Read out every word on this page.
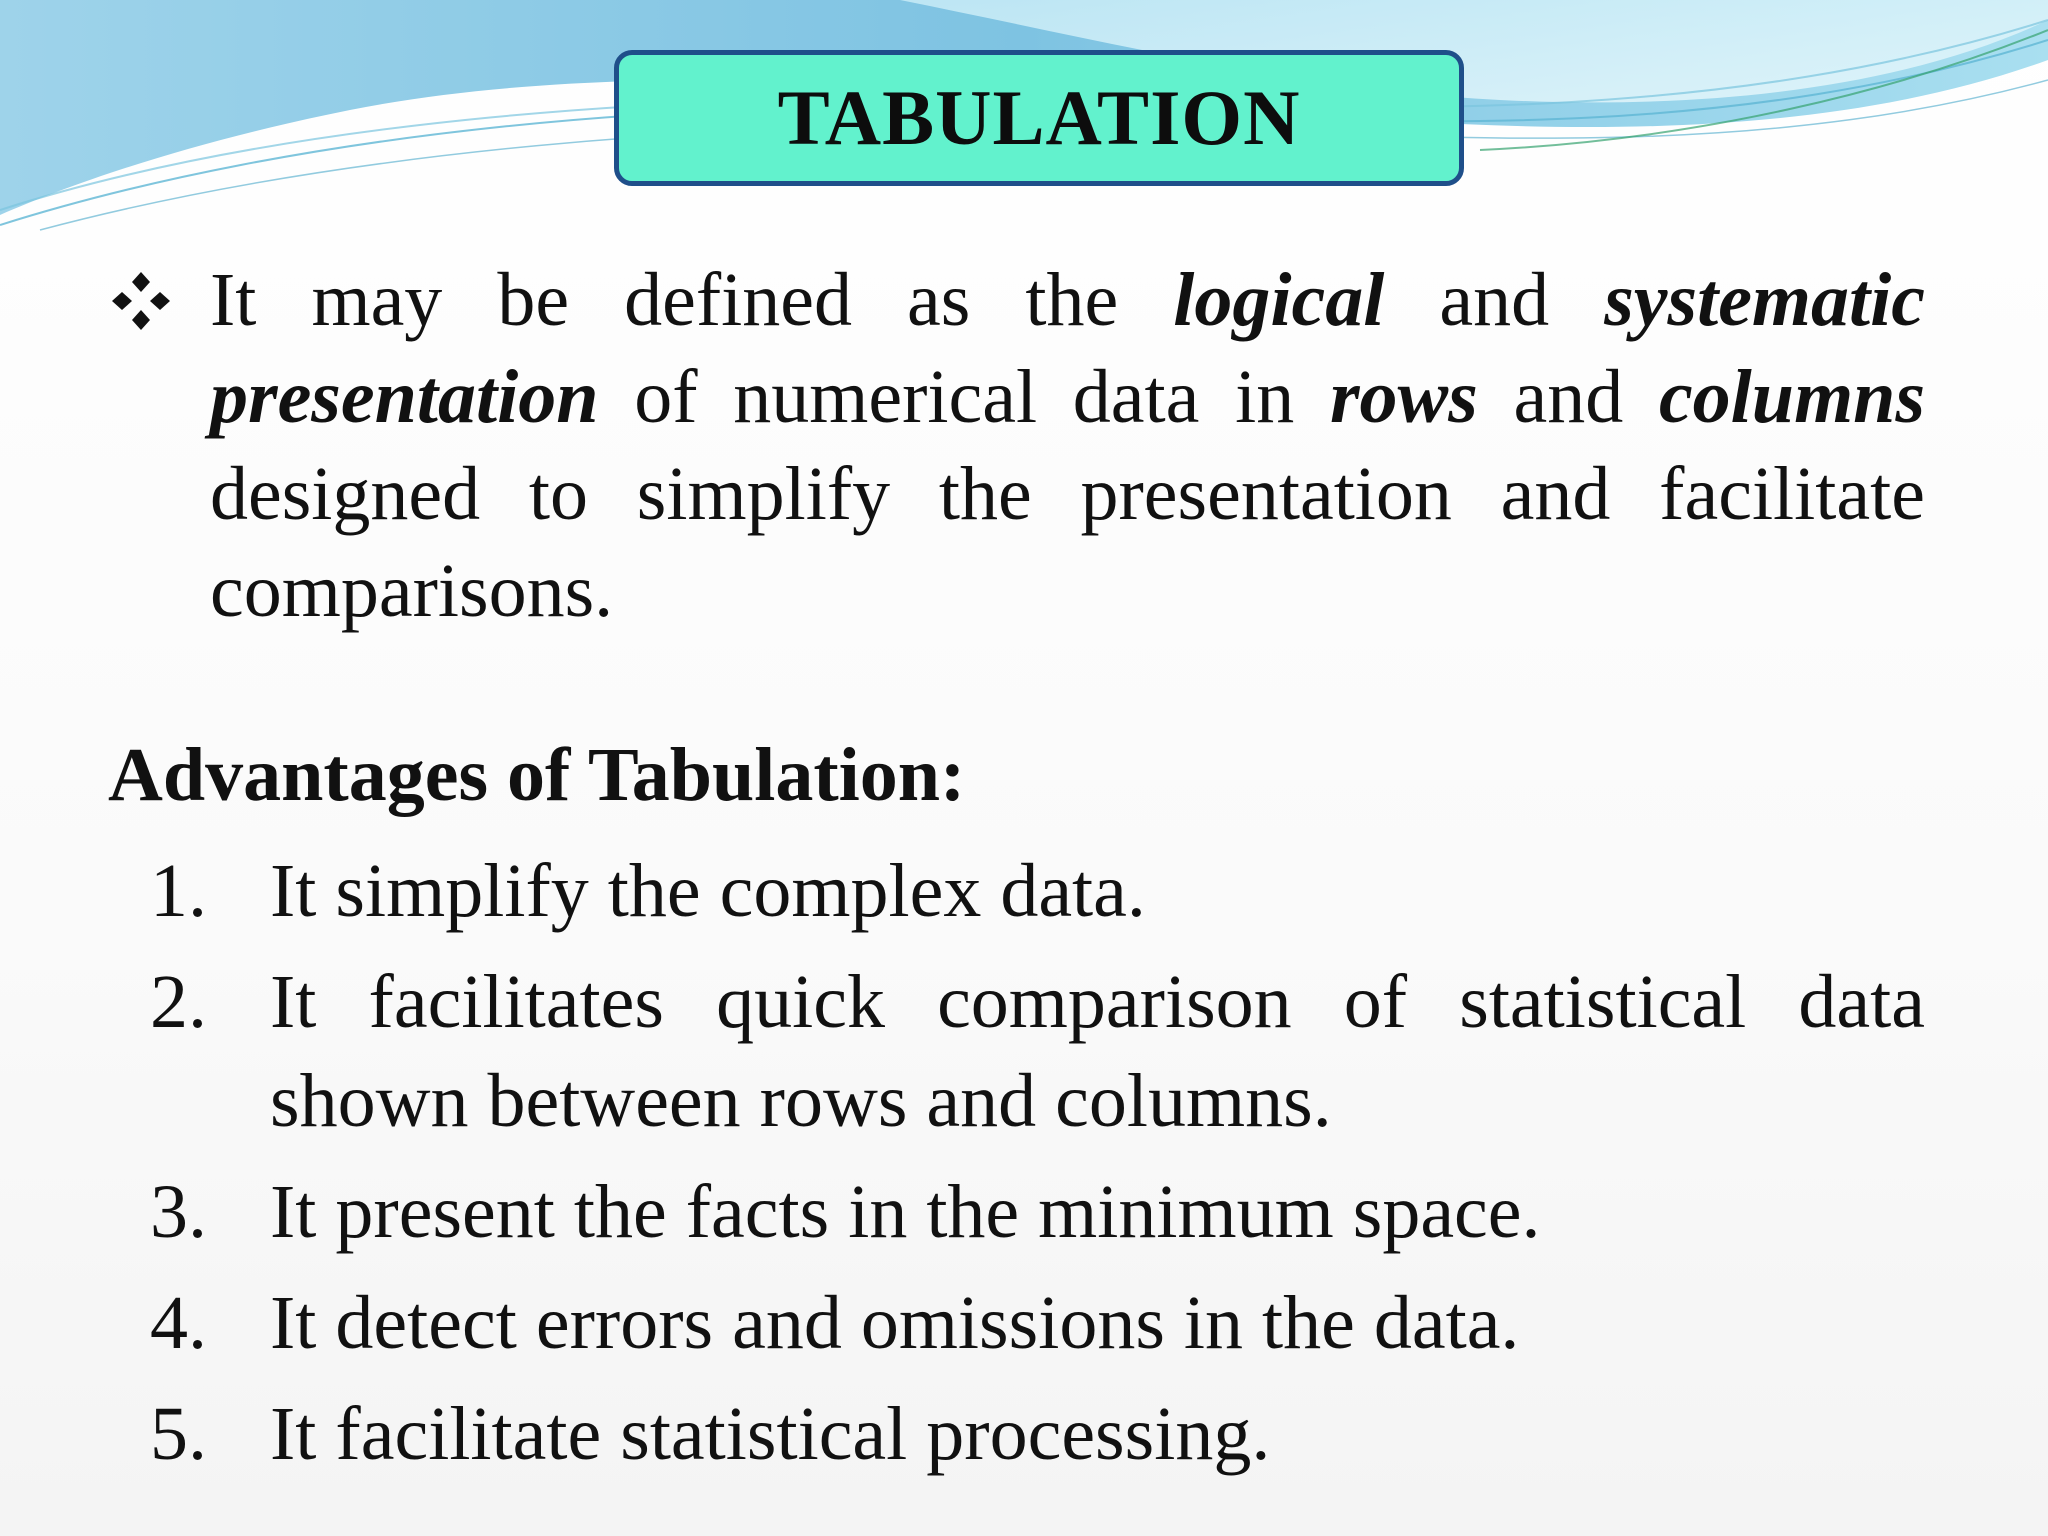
TABULATION
It may be defined as the logical and systematic presentation of numerical data in rows and columns designed to simplify the presentation and facilitate comparisons.
Advantages of Tabulation:
1. It simplify the complex data.
2. It facilitates quick comparison of statistical data shown between rows and columns.
3. It present the facts in the minimum space.
4. It detect errors and omissions in the data.
5. It facilitate statistical processing.
